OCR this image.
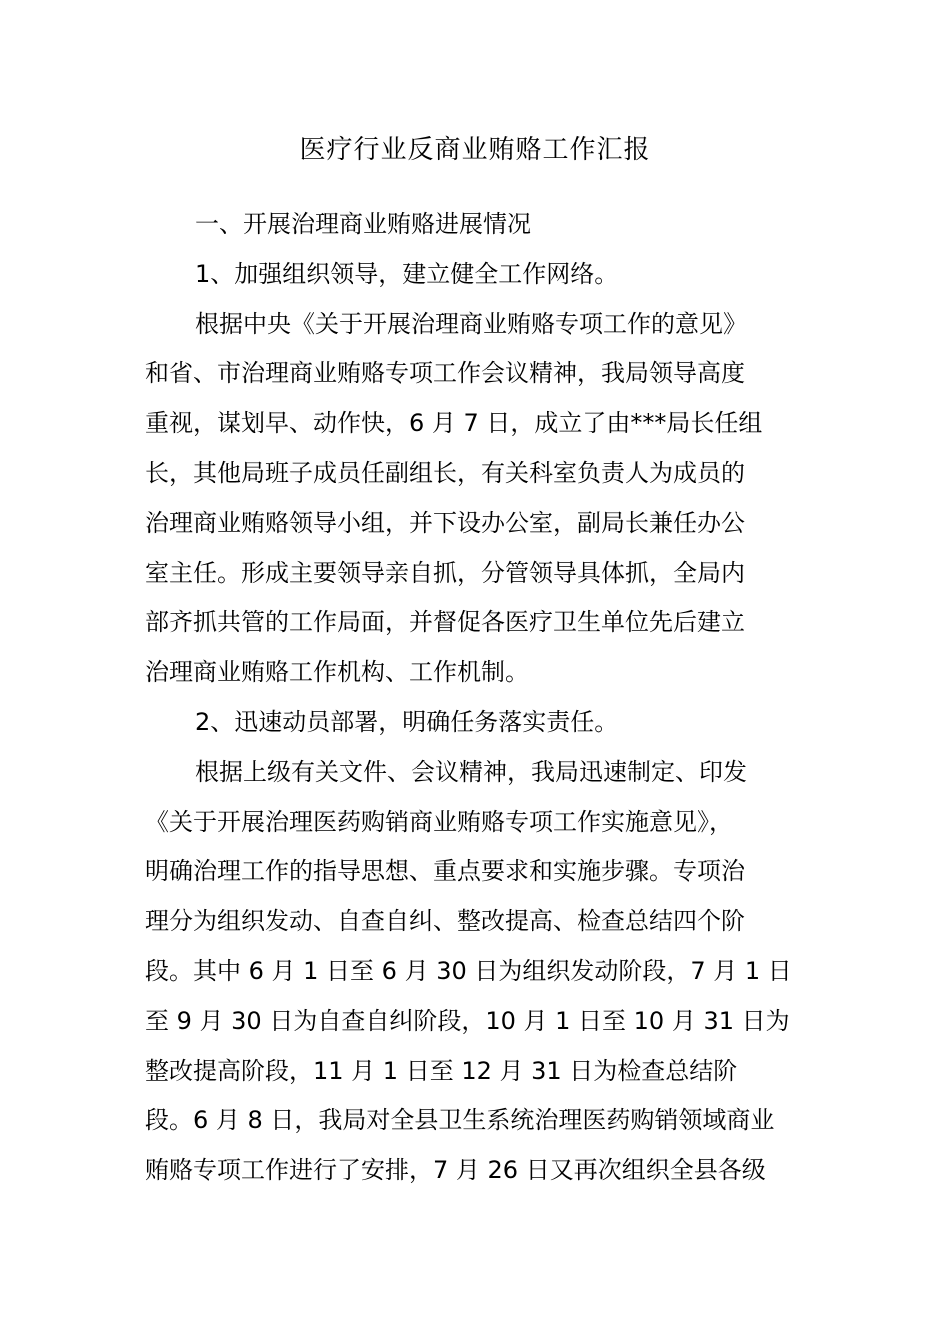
医疗行业反商业贿赂工作汇报
一、开展治理商业贿赂进展情况
1、加强组织领导，建立健全工作网络。
根据中央《关于开展治理商业贿赂专项工作的意见》
和省、市治理商业贿赂专项工作会议精神，我局领导高度
重视，谋划早、动作快，6 月 7 日，成立了由***局长任组
长，其他局班子成员任副组长，有关科室负责人为成员的
治理商业贿赂领导小组，并下设办公室，副局长兼任办公
室主任。形成主要领导亲自抓，分管领导具体抓，全局内
部齐抓共管的工作局面，并督促各医疗卫生单位先后建立
治理商业贿赂工作机构、工作机制。
2、迅速动员部署，明确任务落实责任。
根据上级有关文件、会议精神，我局迅速制定、印发
《关于开展治理医药购销商业贿赂专项工作实施意见》，
明确治理工作的指导思想、重点要求和实施步骤。专项治
理分为组织发动、自查自纠、整改提高、检查总结四个阶
段。其中 6 月 1 日至 6 月 30 日为组织发动阶段，7 月 1 日
至 9 月 30 日为自查自纠阶段，10 月 1 日至 10 月 31 日为
整改提高阶段，11 月 1 日至 12 月 31 日为检查总结阶
段。6 月 8 日，我局对全县卫生系统治理医药购销领域商业
贿赂专项工作进行了安排，7 月 26 日又再次组织全县各级
